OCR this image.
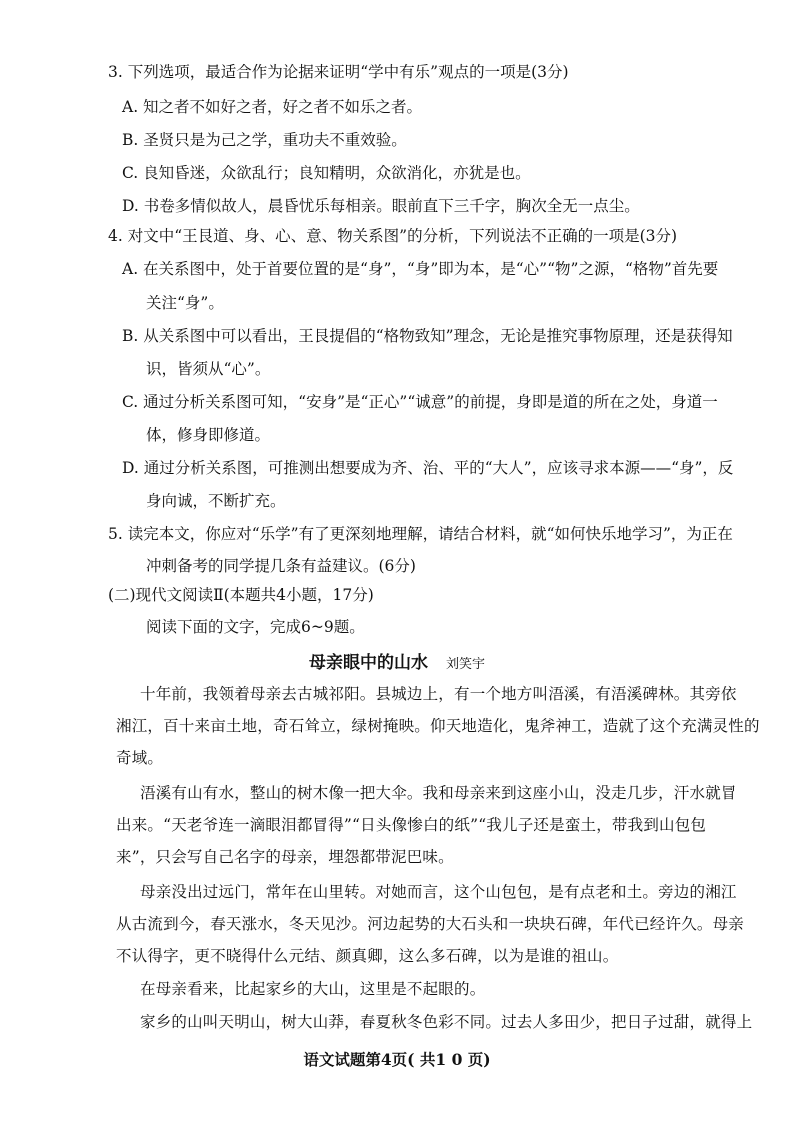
3. 下列选项，最适合作为论据来证明“学中有乐”观点的一项是(3分)
A. 知之者不如好之者，好之者不如乐之者。
B. 圣贤只是为己之学，重功夫不重效验。
C. 良知昏迷，众欲乱行；良知精明，众欲消化，亦犹是也。
D. 书卷多情似故人，晨昏忧乐每相亲。眼前直下三千字，胸次全无一点尘。
4. 对文中“王艮道、身、心、意、物关系图”的分析，下列说法不正确的一项是(3分)
A. 在关系图中，处于首要位置的是“身”，“身”即为本，是“心”“物”之源，“格物”首先要
关注“身”。
B. 从关系图中可以看出，王艮提倡的“格物致知”理念，无论是推究事物原理，还是获得知
识，皆须从“心”。
C. 通过分析关系图可知，“安身”是“正心”“诚意”的前提，身即是道的所在之处，身道一
体，修身即修道。
D. 通过分析关系图，可推测出想要成为齐、治、平的“大人”，应该寻求本源——“身”，反
身向诚，不断扩充。
5. 读完本文，你应对“乐学”有了更深刻地理解，请结合材料，就“如何快乐地学习”，为正在
冲刺备考的同学提几条有益建议。(6分)
(二)现代文阅读Ⅱ(本题共4小题，17分)
阅读下面的文字，完成6~9题。
母亲眼中的山水 刘笑宇
十年前，我领着母亲去古城祁阳。县城边上，有一个地方叫浯溪，有浯溪碑林。其旁依
湘江，百十来亩土地，奇石耸立，绿树掩映。仰天地造化，鬼斧神工，造就了这个充满灵性的
奇域。
浯溪有山有水，整山的树木像一把大伞。我和母亲来到这座小山，没走几步，汗水就冒
出来。“天老爷连一滴眼泪都冒得”“日头像惨白的纸”“我儿子还是蛮土，带我到山包包
来”，只会写自己名字的母亲，埋怨都带泥巴味。
母亲没出过远门，常年在山里转。对她而言，这个山包包，是有点老和土。旁边的湘江
从古流到今，春天涨水，冬天见沙。河边起势的大石头和一块块石碑，年代已经许久。母亲
不认得字，更不晓得什么元结、颜真卿，这么多石碑，以为是谁的祖山。
在母亲看来，比起家乡的大山，这里是不起眼的。
家乡的山叫天明山，树大山莽，春夏秋冬色彩不同。过去人多田少，把日子过甜，就得上
语文试题第4页( 共1 0 页)
